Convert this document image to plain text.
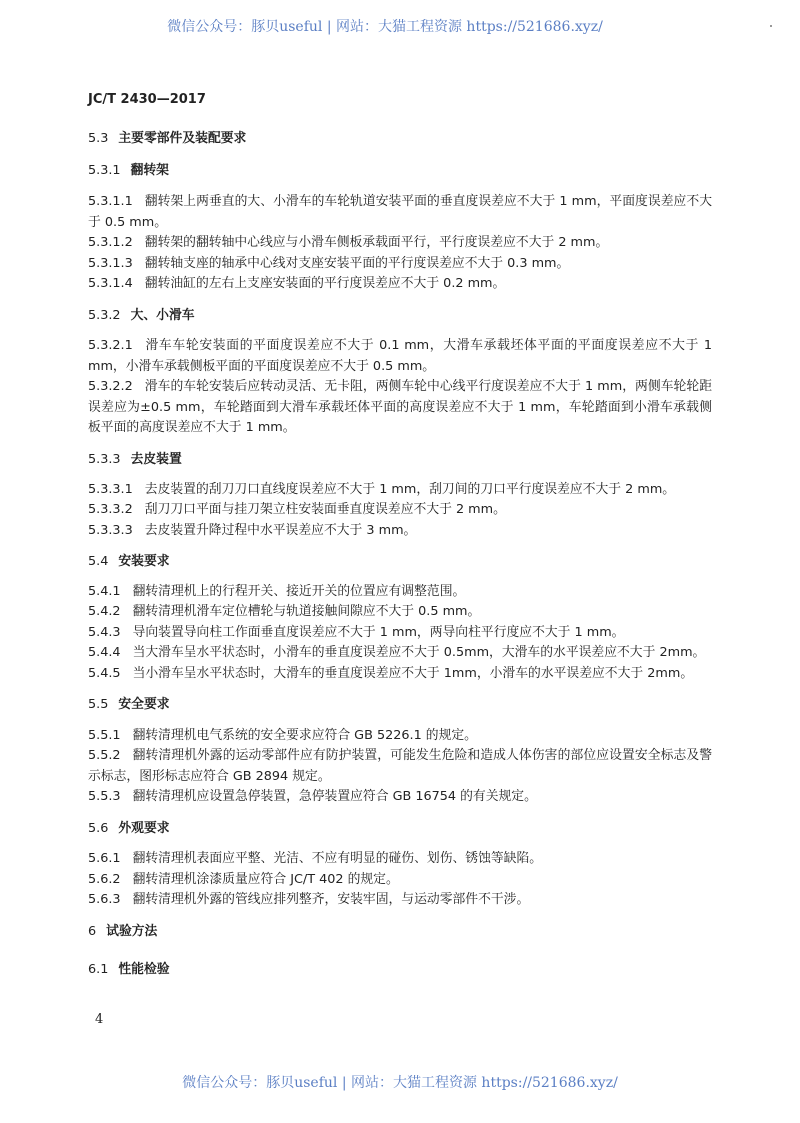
微信公众号：豚贝useful | 网站：大猫工程资源 https://521686.xyz/
JC/T 2430—2017
5.3 主要零部件及装配要求
5.3.1 翻转架
5.3.1.1 翻转架上两垂直的大、小滑车的车轮轨道安装平面的垂直度误差应不大于 1 mm，平面度误差应不大于 0.5 mm。
5.3.1.2 翻转架的翻转轴中心线应与小滑车侧板承载面平行，平行度误差应不大于 2 mm。
5.3.1.3 翻转轴支座的轴承中心线对支座安装平面的平行度误差应不大于 0.3 mm。
5.3.1.4 翻转油缸的左右上支座安装面的平行度误差应不大于 0.2 mm。
5.3.2 大、小滑车
5.3.2.1 滑车车轮安装面的平面度误差应不大于 0.1 mm，大滑车承载坯体平面的平面度误差应不大于 1 mm，小滑车承载侧板平面的平面度误差应不大于 0.5 mm。
5.3.2.2 滑车的车轮安装后应转动灵活、无卡阻，两侧车轮中心线平行度误差应不大于 1 mm，两侧车轮轮距误差应为±0.5 mm，车轮踏面到大滑车承载坯体平面的高度误差应不大于 1 mm，车轮踏面到小滑车承载侧板平面的高度误差应不大于 1 mm。
5.3.3 去皮装置
5.3.3.1 去皮装置的刮刀刀口直线度误差应不大于 1 mm，刮刀间的刀口平行度误差应不大于 2 mm。
5.3.3.2 刮刀刀口平面与挂刀架立柱安装面垂直度误差应不大于 2 mm。
5.3.3.3 去皮装置升降过程中水平误差应不大于 3 mm。
5.4 安装要求
5.4.1 翻转清理机上的行程开关、接近开关的位置应有调整范围。
5.4.2 翻转清理机滑车定位槽轮与轨道接触间隙应不大于 0.5 mm。
5.4.3 导向装置导向柱工作面垂直度误差应不大于 1 mm，两导向柱平行度应不大于 1 mm。
5.4.4 当大滑车呈水平状态时，小滑车的垂直度误差应不大于 0.5mm，大滑车的水平误差应不大于 2mm。
5.4.5 当小滑车呈水平状态时，大滑车的垂直度误差应不大于 1mm，小滑车的水平误差应不大于 2mm。
5.5 安全要求
5.5.1 翻转清理机电气系统的安全要求应符合 GB 5226.1 的规定。
5.5.2 翻转清理机外露的运动零部件应有防护装置，可能发生危险和造成人体伤害的部位应设置安全标志及警示标志，图形标志应符合 GB 2894 规定。
5.5.3 翻转清理机应设置急停装置，急停装置应符合 GB 16754 的有关规定。
5.6 外观要求
5.6.1 翻转清理机表面应平整、光洁、不应有明显的碰伤、划伤、锈蚀等缺陷。
5.6.2 翻转清理机涂漆质量应符合 JC/T 402 的规定。
5.6.3 翻转清理机外露的管线应排列整齐，安装牢固，与运动零部件不干涉。
6 试验方法
6.1 性能检验
4
微信公众号：豚贝useful | 网站：大猫工程资源 https://521686.xyz/
